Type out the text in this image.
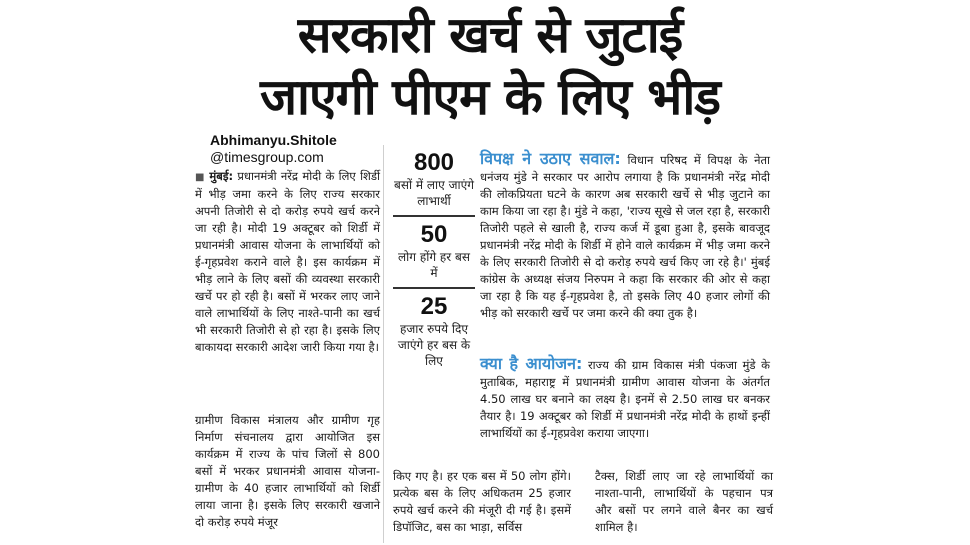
सरकारी खर्च से जुटाई
जाएगी पीएम के लिए भीड़
Abhimanyu.Shitole
@timesgroup.com

■ मुंबई: प्रधानमंत्री नरेंद्र मोदी के लिए शिर्डी में भीड़ जमा करने के लिए राज्य सरकार अपनी तिजोरी से दो करोड़ रुपये खर्च करने जा रही है। मोदी 19 अक्टूबर को शिर्डी में प्रधानमंत्री आवास योजना के लाभार्थियों को ई-गृहप्रवेश कराने वाले है। इस कार्यक्रम में भीड़ लाने के लिए बसों की व्यवस्था सरकारी खर्चे पर हो रही है। बसों में भरकर लाए जाने वाले लाभार्थियों के लिए नाश्ते-पानी का खर्च भी सरकारी तिजोरी से हो रहा है। इसके लिए बाकायदा सरकारी आदेश जारी किया गया है।

ग्रामीण विकास मंत्रालय और ग्रामीण गृह निर्माण संचनालय द्वारा आयोजित इस कार्यक्रम में राज्य के पांच जिलों से 800 बसों में भरकर प्रधानमंत्री आवास योजना-ग्रामीण के 40 हजार लाभार्थियों को शिर्डी लाया जाना है। इसके लिए सरकारी खजाने दो करोड़ रुपये मंजूर

800
बसों में लाए जाएंगे लाभार्थी
50
लोग होंगे हर बस में
25
हजार रुपये दिए जाएंगे हर बस के लिए
विपक्ष ने उठाए सवाल: विधान परिषद में विपक्ष के नेता धनंजय मुंडे ने सरकार पर आरोप लगाया है कि प्रधानमंत्री नरेंद्र मोदी की लोकप्रियता घटने के कारण अब सरकारी खर्चे से भीड़ जुटाने का काम किया जा रहा है। मुंडे ने कहा, 'राज्य सूखे से जल रहा है, सरकारी तिजोरी पहले से खाली है, राज्य कर्ज में डूबा हुआ है, इसके बावजूद प्रधानमंत्री नरेंद्र मोदी के शिर्डी में होने वाले कार्यक्रम में भीड़ जमा करने के लिए सरकारी तिजोरी से दो करोड़ रुपये खर्च किए जा रहे है।' मुंबई कांग्रेस के अध्यक्ष संजय निरुपम ने कहा कि सरकार की ओर से कहा जा रहा है कि यह ई-गृहप्रवेश है, तो इसके लिए 40 हजार लोगों की भीड़ को सरकारी खर्चे पर जमा करने की क्या तुक है।
क्या है आयोजन: राज्य की ग्राम विकास मंत्री पंकजा मुंडे के मुताबिक, महाराष्ट्र में प्रधानमंत्री ग्रामीण आवास योजना के अंतर्गत 4.50 लाख घर बनाने का लक्ष्य है। इनमें से 2.50 लाख घर बनकर तैयार है। 19 अक्टूबर को शिर्डी में प्रधानमंत्री नरेंद्र मोदी के हाथों इन्हीं लाभार्थियों का ई-गृहप्रवेश कराया जाएगा।
किए गए है। हर एक बस में 50 लोग होंगे। प्रत्येक बस के लिए अधिकतम 25 हजार रुपये खर्च करने की मंजूरी दी गई है। इसमें डिपॉजिट, बस का भाड़ा, सर्विस
टैक्स, शिर्डी लाए जा रहे लाभार्थियों का नाश्ता-पानी, लाभार्थियों के पहचान पत्र और बसों पर लगने वाले बैनर का खर्च शामिल है।
